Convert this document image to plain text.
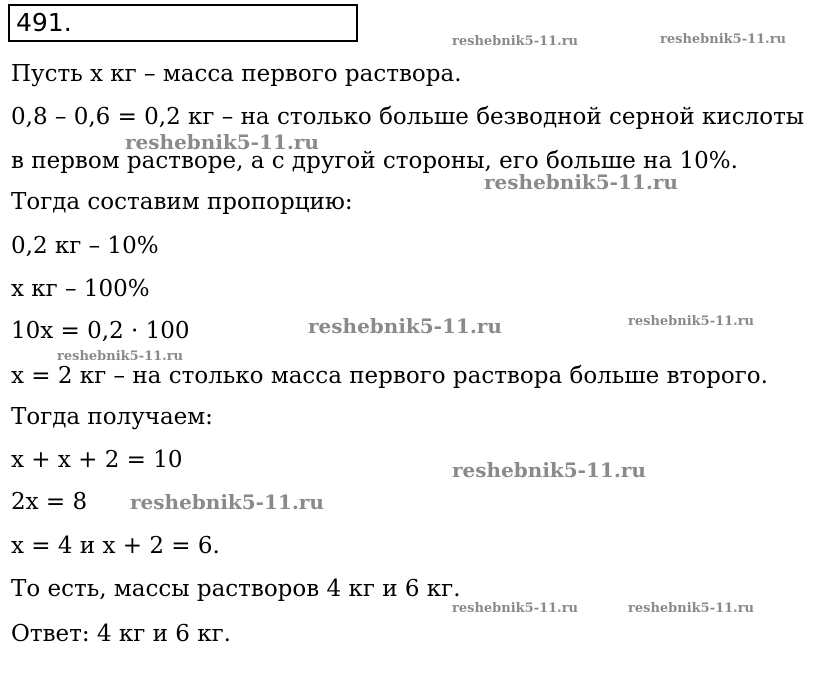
491.
Пусть x кг – масса первого раствора.
0,8 – 0,6 = 0,2 кг – на столько больше безводной серной кислоты
в первом растворе, а с другой стороны, его больше на 10%.
Тогда составим пропорцию:
0,2 кг – 10%
x кг – 100%
10x = 0,2 · 100
x = 2 кг – на столько масса первого раствора больше второго.
Тогда получаем:
x + x + 2 = 10
2x = 8
x = 4 и x + 2 = 6.
То есть, массы растворов 4 кг и 6 кг.
Ответ: 4 кг и 6 кг.
reshebnik5-11.ru	reshebnik5-11.ru
reshebnik5-11.ru
reshebnik5-11.ru
reshebnik5-11.ru	reshebnik5-11.ru
reshebnik5-11.ru
reshebnik5-11.ru
reshebnik5-11.ru
reshebnik5-11.ru	reshebnik5-11.ru
